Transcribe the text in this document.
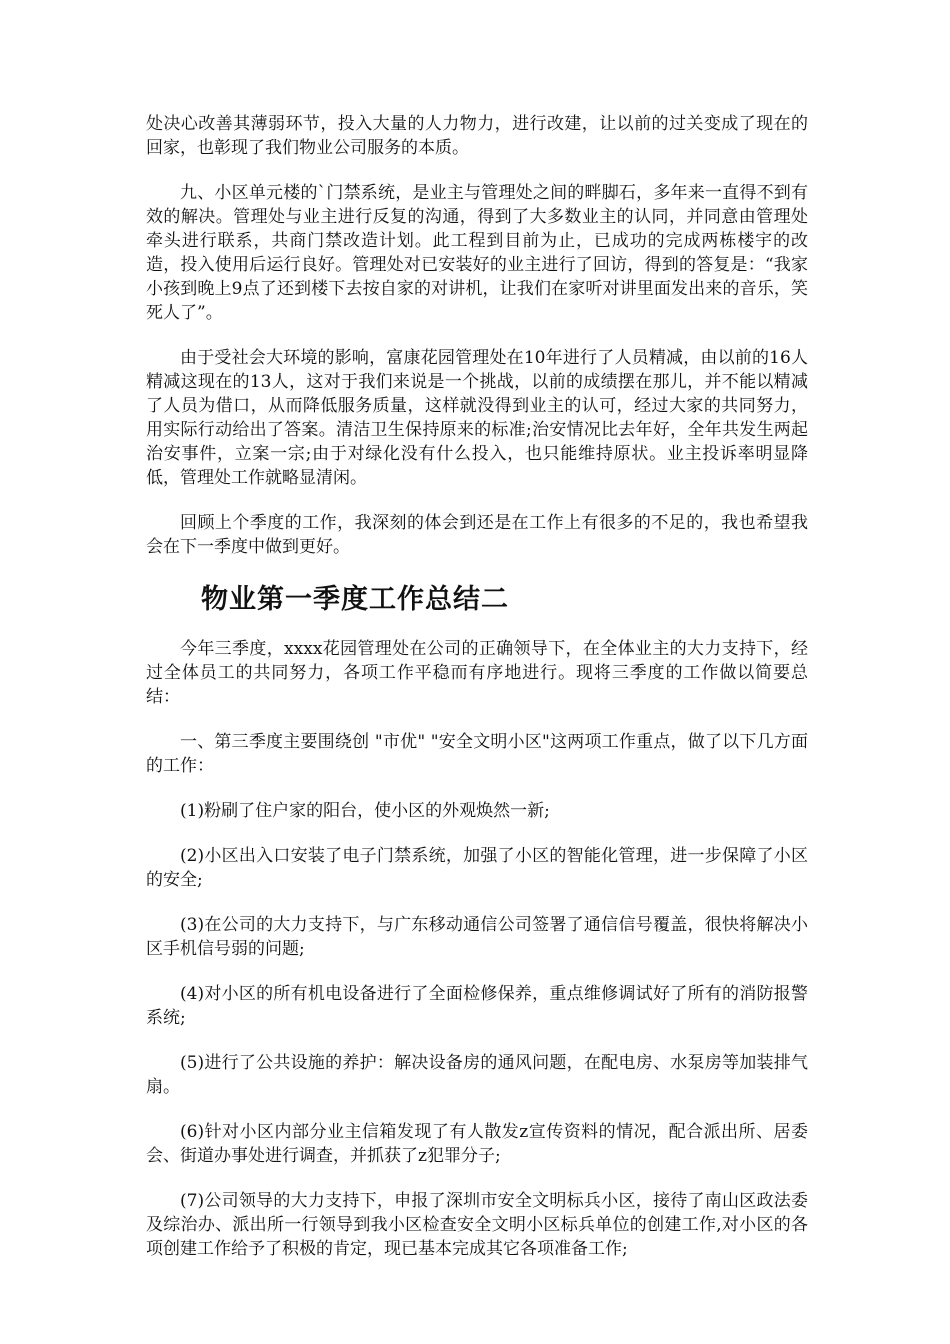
处决心改善其薄弱环节，投入大量的人力物力，进行改建，让以前的过关变成了现在的回家，也彰现了我们物业公司服务的本质。

九、小区单元楼的`门禁系统，是业主与管理处之间的畔脚石，多年来一直得不到有效的解决。管理处与业主进行反复的沟通，得到了大多数业主的认同，并同意由管理处牵头进行联系，共商门禁改造计划。此工程到目前为止，已成功的完成两栋楼宇的改造，投入使用后运行良好。管理处对已安装好的业主进行了回访，得到的答复是：“我家小孩到晚上9点了还到楼下去按自家的对讲机，让我们在家听对讲里面发出来的音乐，笑死人了”。

由于受社会大环境的影响，富康花园管理处在10年进行了人员精减，由以前的16人精减这现在的13人，这对于我们来说是一个挑战，以前的成绩摆在那儿，并不能以精减了人员为借口，从而降低服务质量，这样就没得到业主的认可，经过大家的共同努力，用实际行动给出了答案。清洁卫生保持原来的标准;治安情况比去年好，全年共发生两起治安事件，立案一宗;由于对绿化没有什么投入，也只能维持原状。业主投诉率明显降低，管理处工作就略显清闲。

回顾上个季度的工作，我深刻的体会到还是在工作上有很多的不足的，我也希望我会在下一季度中做到更好。

物业第一季度工作总结二

今年三季度，xxxx花园管理处在公司的正确领导下，在全体业主的大力支持下，经过全体员工的共同努力，各项工作平稳而有序地进行。现将三季度的工作做以简要总结：

一、第三季度主要围绕创 "市优" "安全文明小区"这两项工作重点，做了以下几方面的工作：

(1)粉刷了住户家的阳台，使小区的外观焕然一新;

(2)小区出入口安装了电子门禁系统，加强了小区的智能化管理，进一步保障了小区的安全;

(3)在公司的大力支持下，与广东移动通信公司签署了通信信号覆盖，很快将解决小区手机信号弱的问题;

(4)对小区的所有机电设备进行了全面检修保养，重点维修调试好了所有的消防报警系统;

(5)进行了公共设施的养护：解决设备房的通风问题，在配电房、水泵房等加装排气扇。

(6)针对小区内部分业主信箱发现了有人散发z宣传资料的情况，配合派出所、居委会、街道办事处进行调查，并抓获了z犯罪分子;

(7)公司领导的大力支持下，申报了深圳市安全文明标兵小区，接待了南山区政法委及综治办、派出所一行领导到我小区检查安全文明小区标兵单位的创建工作,对小区的各项创建工作给予了积极的肯定，现已基本完成其它各项准备工作;
